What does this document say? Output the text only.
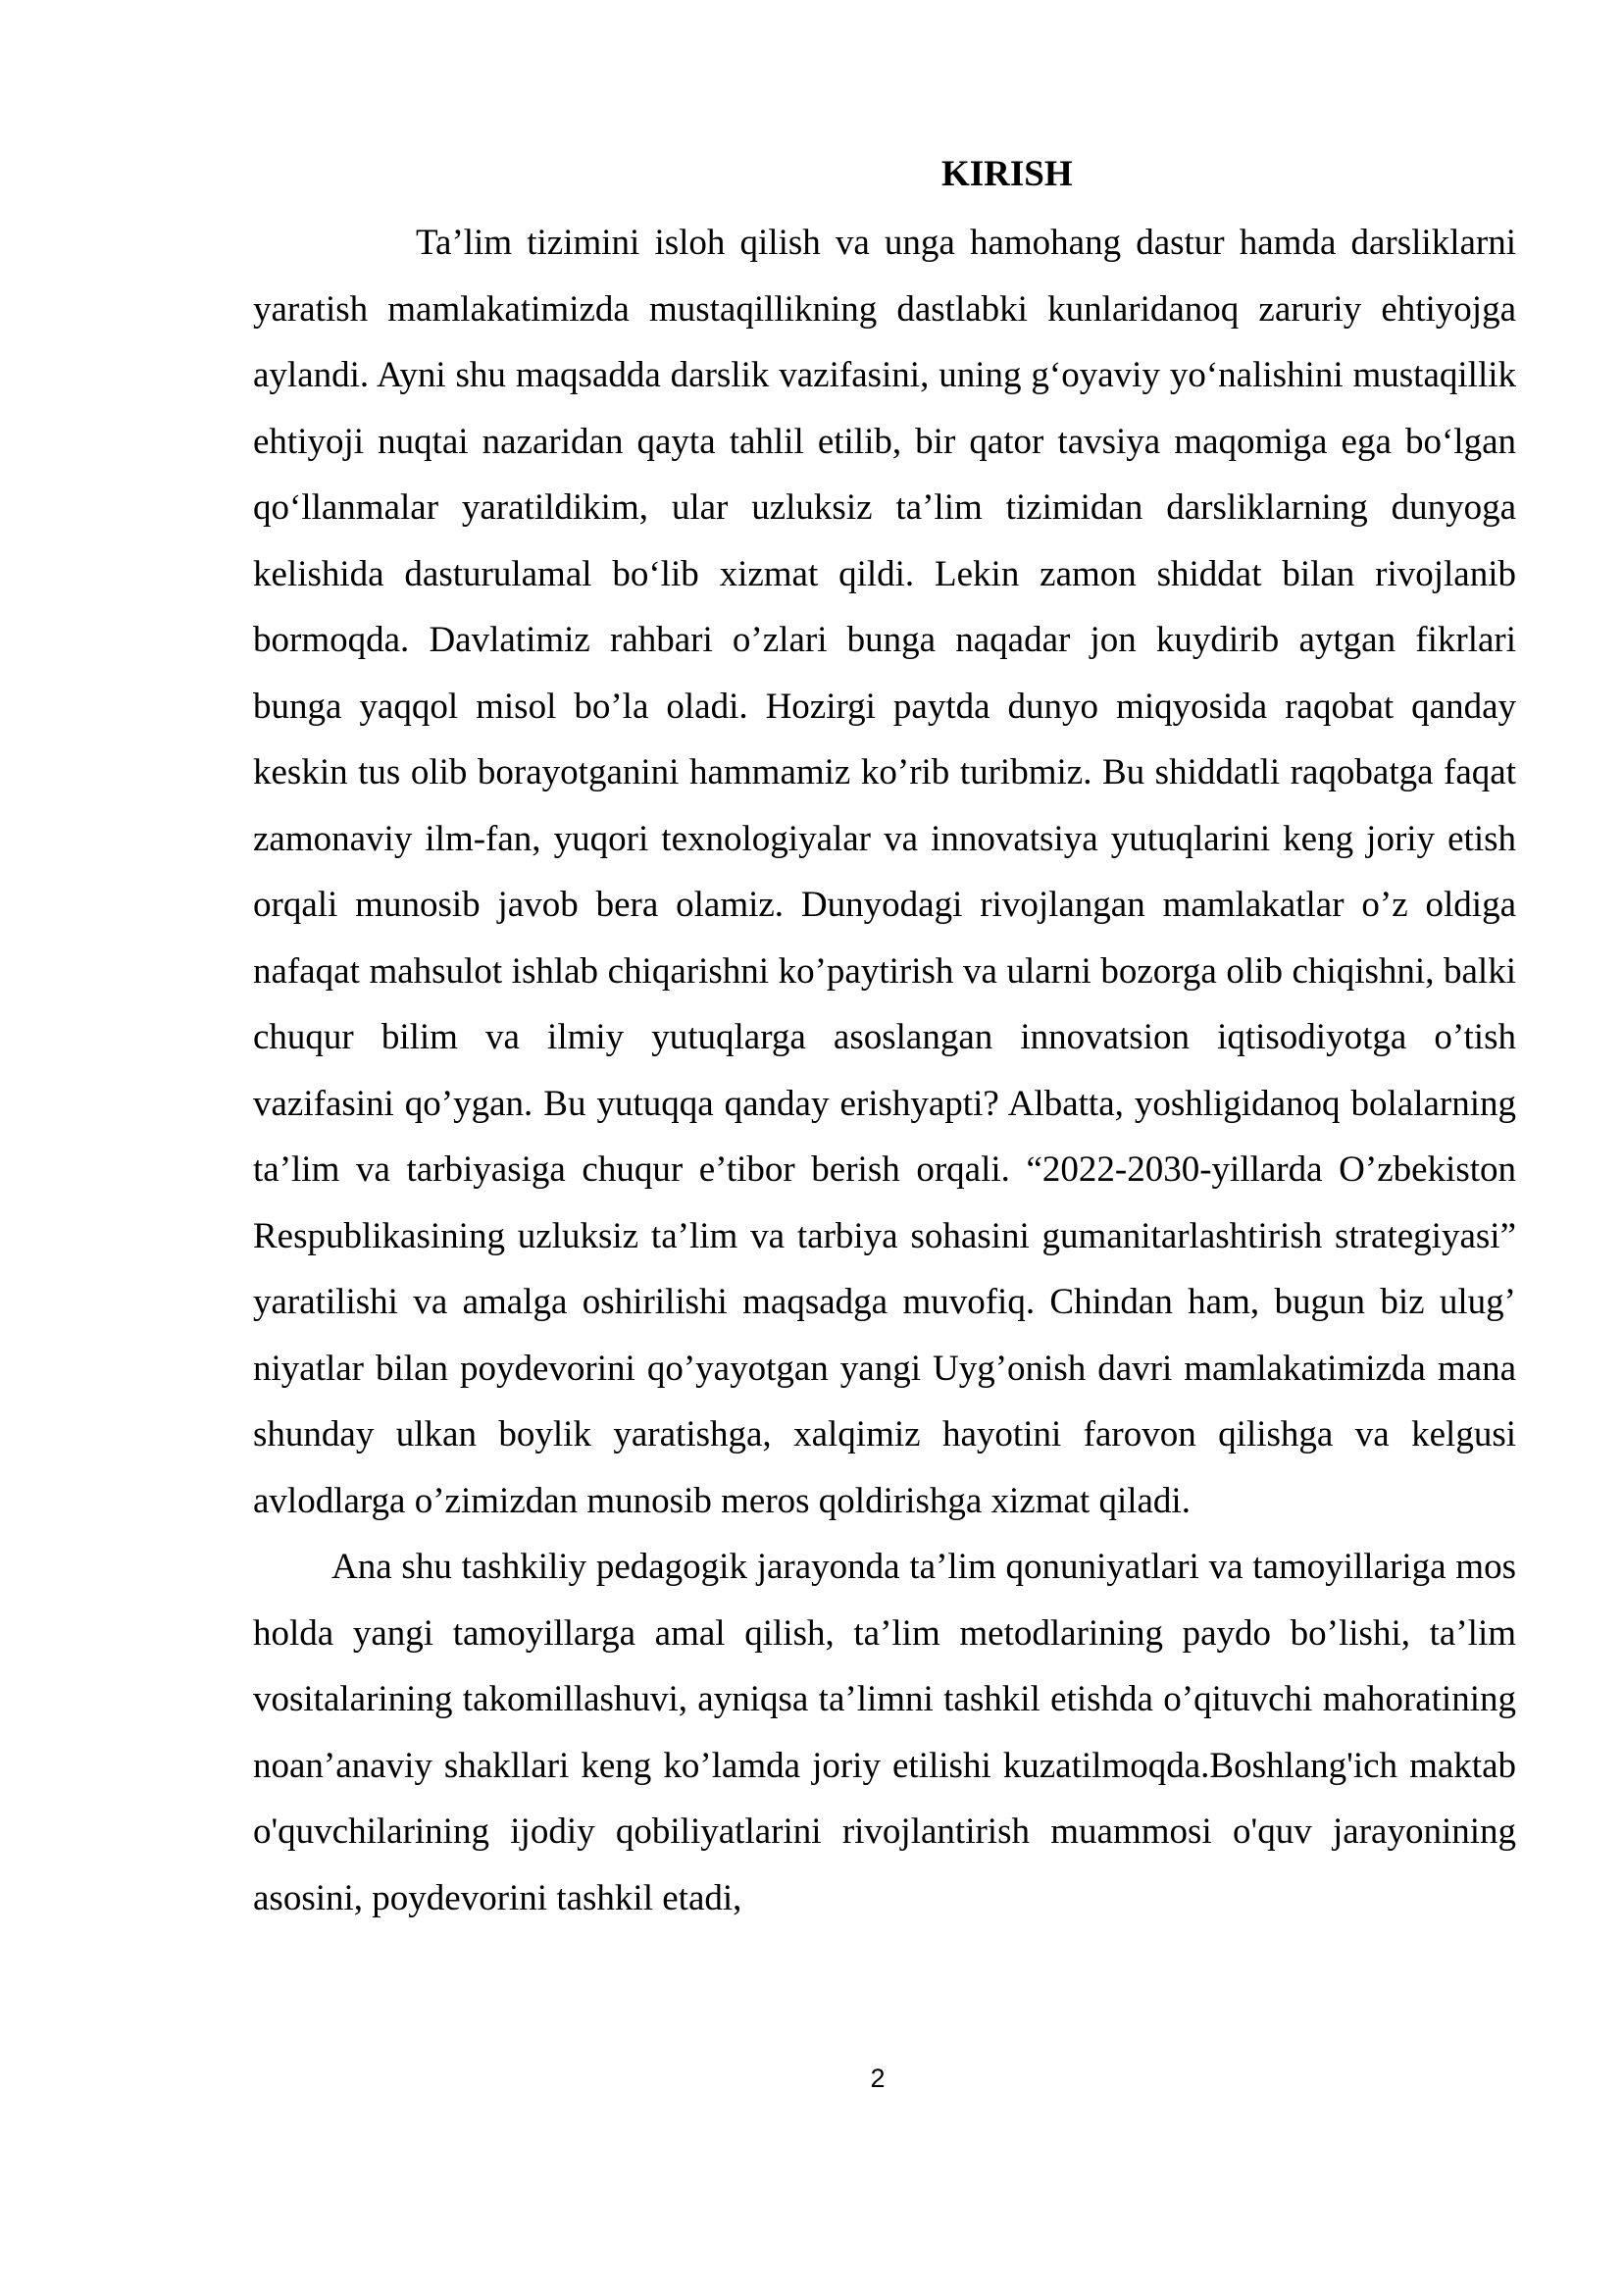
KIRISH

Ta’lim tizimini isloh qilish va unga hamohang dastur hamda darsliklarni yaratish mamlakatimizda mustaqillikning dastlabki kunlaridanoq zaruriy ehtiyojga aylandi. Ayni shu maqsadda darslik vazifasini, uning g‘oyaviy yo‘nalishini mustaqillik ehtiyoji nuqtai nazaridan qayta tahlil etilib, bir qator tavsiya maqomiga ega bo‘lgan qo‘llanmalar yaratildikim, ular uzluksiz ta’lim tizimidan darsliklarning dunyoga kelishida dasturulamal bo‘lib xizmat qildi. Lekin zamon shiddat bilan rivojlanib bormoqda. Davlatimiz rahbari o’zlari bunga naqadar jon kuydirib aytgan fikrlari bunga yaqqol misol bo’la oladi. Hozirgi paytda dunyo miqyosida raqobat qanday keskin tus olib borayotganini hammamiz ko’rib turibmiz. Bu shiddatli raqobatga faqat zamonaviy ilm-fan, yuqori texnologiyalar va innovatsiya yutuqlarini keng joriy etish orqali munosib javob bera olamiz. Dunyodagi rivojlangan mamlakatlar o’z oldiga nafaqat mahsulot ishlab chiqarishni ko’paytirish va ularni bozorga olib chiqishni, balki chuqur bilim va ilmiy yutuqlarga asoslangan innovatsion iqtisodiyotga o’tish vazifasini qo’ygan. Bu yutuqqa qanday erishyapti? Albatta, yoshligidanoq bolalarning ta’lim va tarbiyasiga chuqur e’tibor berish orqali. “2022-2030-yillarda O’zbekiston Respublikasining uzluksiz ta’lim va tarbiya sohasini gumanitarlashtirish strategiyasi” yaratilishi va amalga oshirilishi maqsadga muvofiq. Chindan ham, bugun biz ulug’ niyatlar bilan poydevorini qo’yayotgan yangi Uyg’onish davri mamlakatimizda mana shunday ulkan boylik yaratishga, xalqimiz hayotini farovon qilishga va kelgusi avlodlarga o’zimizdan munosib meros qoldirishga xizmat qiladi.

Ana shu tashkiliy pedagogik jarayonda ta’lim qonuniyatlari va tamoyillariga mos holda yangi tamoyillarga amal qilish, ta’lim metodlarining paydo bo’lishi, ta’lim vositalarining takomillashuvi, ayniqsa ta’limni tashkil etishda o’qituvchi mahoratining noan’anaviy shakllari keng ko’lamda joriy etilishi kuzatilmoqda.Boshlang'ich maktab o'quvchilarining ijodiy qobiliyatlarini rivojlantirish muammosi o'quv jarayonining asosini, poydevorini tashkil etadi,

2
